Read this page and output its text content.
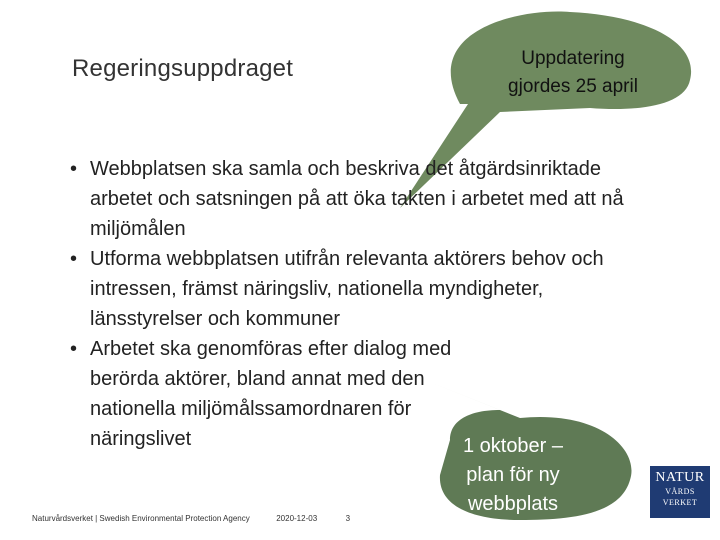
Regeringsuppdraget	Uppdatering
gjordes 25 april
• Webbplatsen ska samla och beskriva det åtgärdsinriktade arbetet och satsningen på att öka takten i arbetet med att nå miljömålen
• Utforma webbplatsen utifrån relevanta aktörers behov och intressen, främst näringsliv, nationella myndigheter, länsstyrelser och kommuner
• Arbetet ska genomföras efter dialog med berörda aktörer, bland annat med den nationella miljömålssamordnaren för näringslivet	1 oktober –
plan för ny
webbplats
Naturvårdsverket | Swedish Environmental Protection Agency	2020-12-03	3
NATUR
VÅRDS
VERKET
